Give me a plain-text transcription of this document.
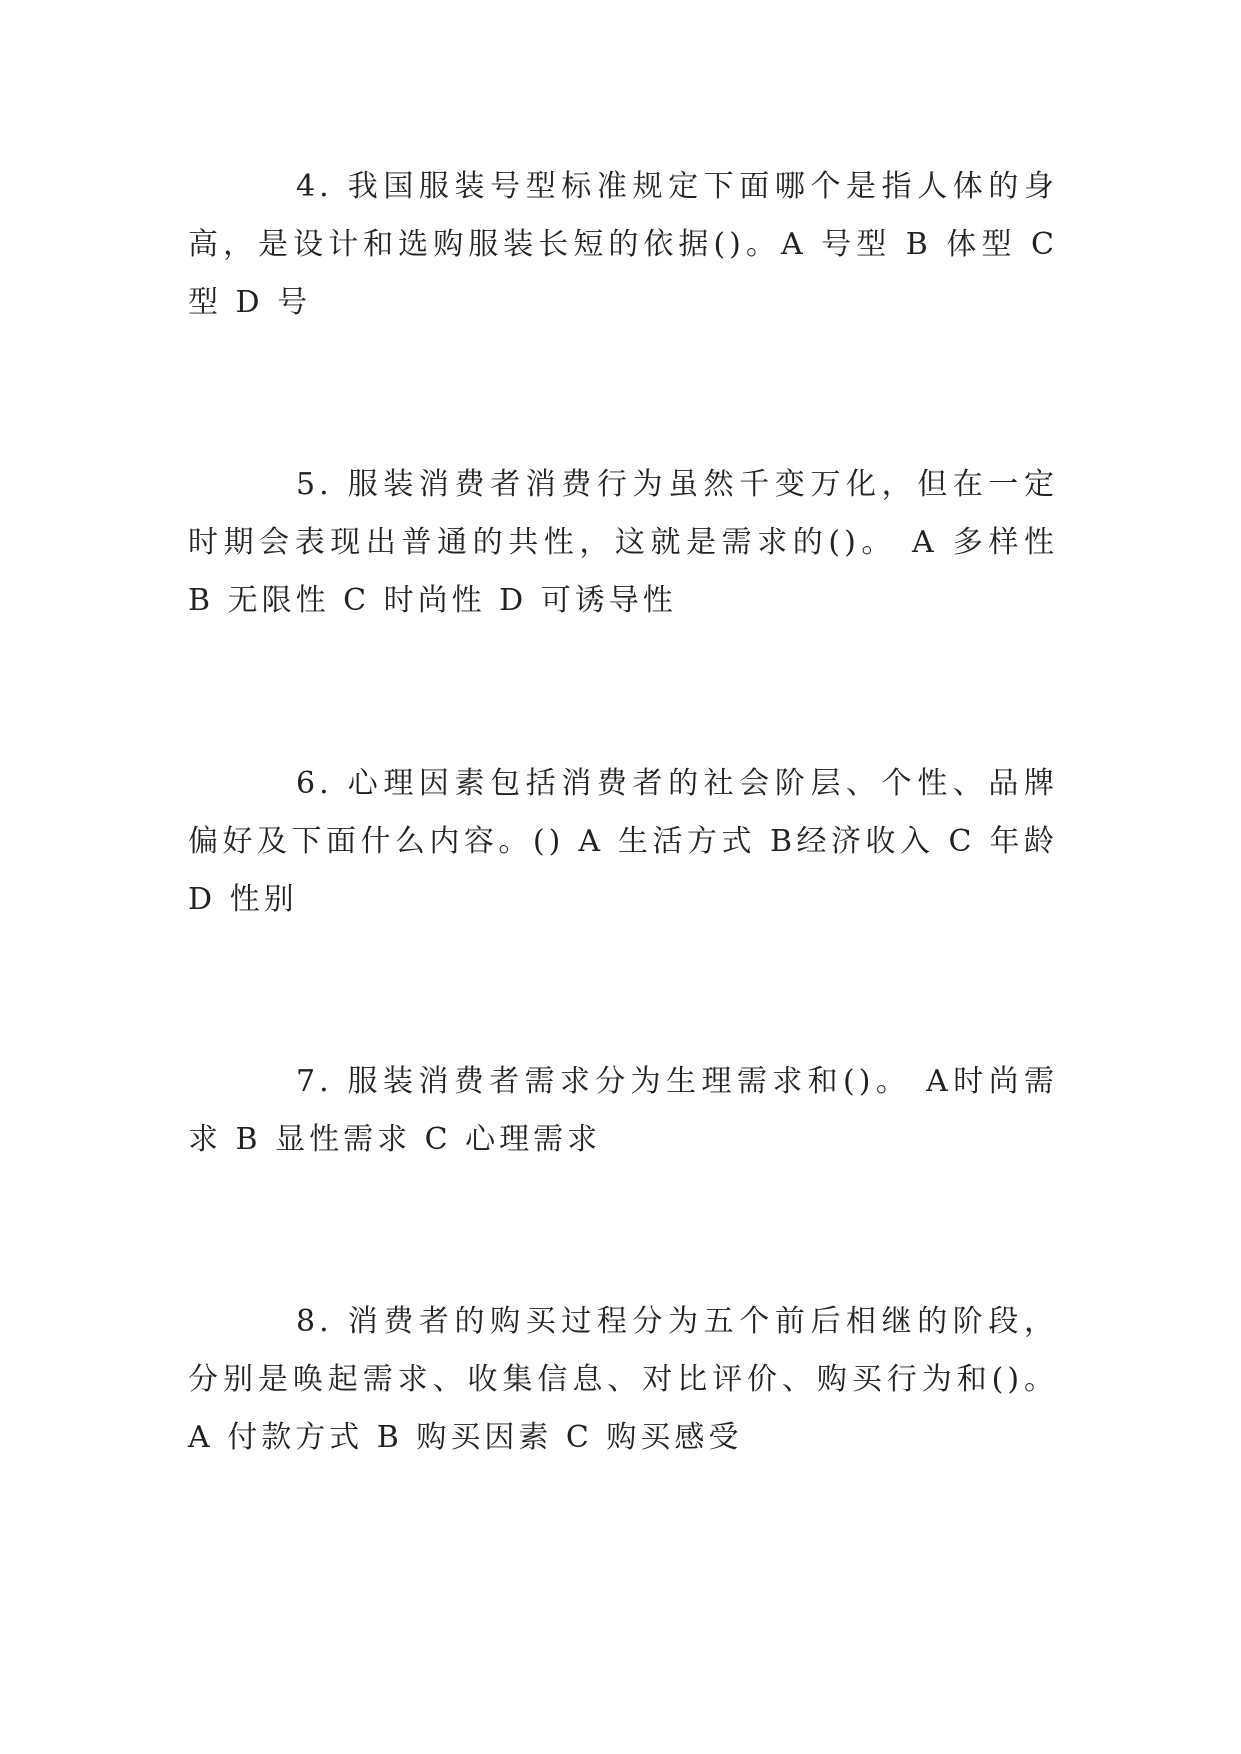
4. 我国服装号型标准规定下面哪个是指人体的身高，是设计和选购服装长短的依据()。A 号型 B 体型 C 型 D 号

5. 服装消费者消费行为虽然千变万化，但在一定时期会表现出普通的共性，这就是需求的()。 A 多样性 B 无限性 C 时尚性 D 可诱导性

6. 心理因素包括消费者的社会阶层、个性、品牌偏好及下面什么内容。() A 生活方式 B经济收入 C 年龄 D 性别

7. 服装消费者需求分为生理需求和()。 A时尚需求 B 显性需求 C 心理需求

8. 消费者的购买过程分为五个前后相继的阶段，分别是唤起需求、收集信息、对比评价、购买行为和()。A 付款方式 B 购买因素 C 购买感受
